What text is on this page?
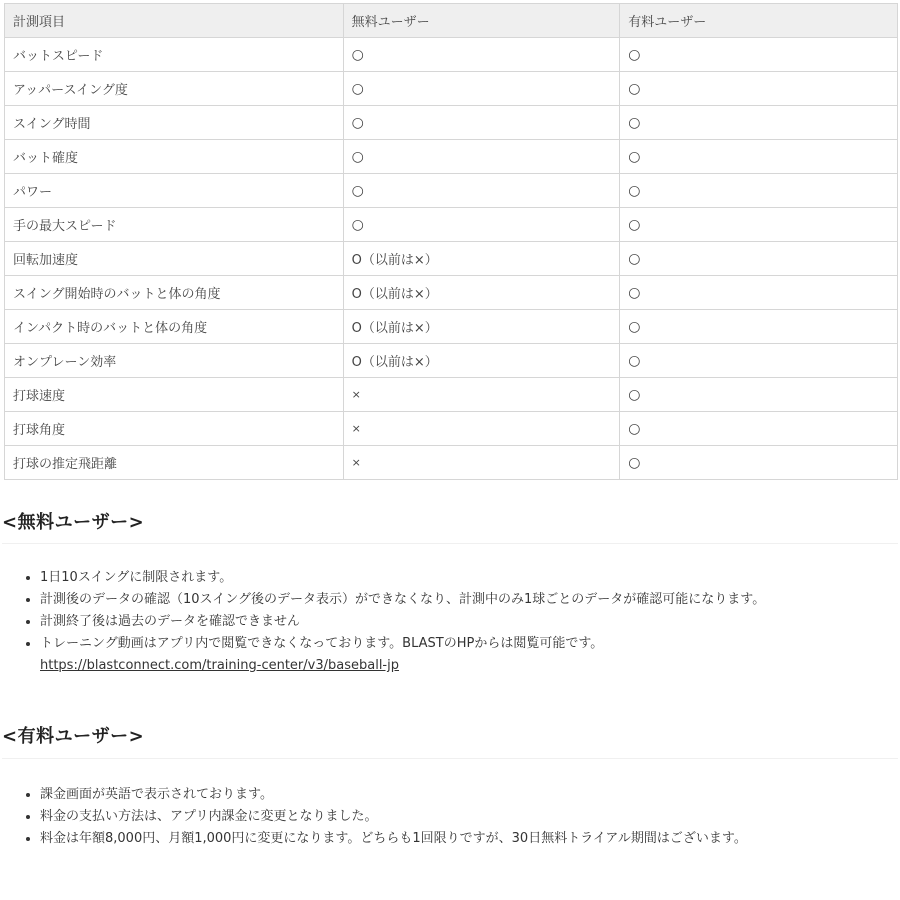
計測項目	無料ユーザー	有料ユーザー
バットスピード	○	○
アッパースイング度	○	○
スイング時間	○	○
バット確度	○	○
パワー	○	○
手の最大スピード	○	○
回転加速度	O（以前は×）	○
スイング開始時のバットと体の角度	O（以前は×）	○
インパクト時のバットと体の角度	O（以前は×）	○
オンプレーン効率	O（以前は×）	○
打球速度	×	○
打球角度	×	○
打球の推定飛距離	×	○
<無料ユーザー>
• 1日10スイングに制限されます。
• 計測後のデータの確認（10スイング後のデータ表示）ができなくなり、計測中のみ1球ごとのデータが確認可能になります。
• 計測終了後は過去のデータを確認できません
• トレーニング動画はアプリ内で閲覧できなくなっております。BLASTのHPからは閲覧可能です。
https://blastconnect.com/training-center/v3/baseball-jp
<有料ユーザー>
• 課金画面が英語で表示されております。
• 料金の支払い方法は、アプリ内課金に変更となりました。
• 料金は年額8,000円、月額1,000円に変更になります。どちらも1回限りですが、30日無料トライアル期間はございます。
